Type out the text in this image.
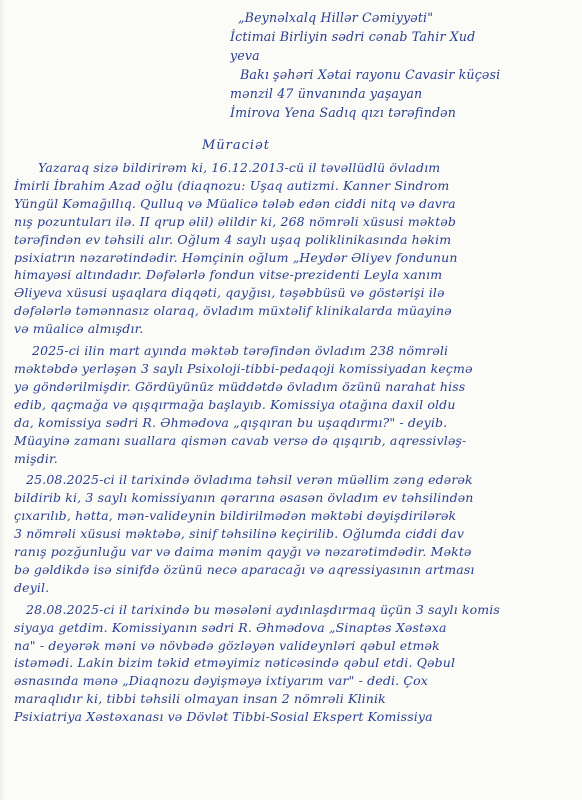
„Beynəlxalq Hillər Cəmiyyəti"
İctimai Birliyin sədri cənab Tahir Xud
yeva
Bakı şəhəri Xətai rayonu Cavasir küçəsi
mənzil 47 ünvanında yaşayan
İmirova Yena Sadıq qızı tərəfindən
Müraciət
Yazaraq sizə bildirirəm ki, 16.12.2013-cü il təvəllüdlü övladım
İmirli İbrahim Azad oğlu (diaqnozu: Uşaq autizmi. Kanner Sindrom
Yüngül Kəmağıllıq. Qulluq və Müalicə tələb edən ciddi nitq və davra
nış pozuntuları ilə. II qrup əlil) əlildir ki, 268 nömrəli xüsusi məktəb
tərəfindən ev təhsili alır. Oğlum 4 saylı uşaq poliklinikasında həkim
psixiatrın nəzarətindədir. Həmçinin oğlum „Heydər Əliyev fondunun
himayəsi altındadır. Dəfələrlə fondun vitse-prezidenti Leyla xanım
Əliyeva xüsusi uşaqlara diqqəti, qayğısı, təşəbbüsü və göstərişi ilə
dəfələrlə təmənnasız olaraq, övladım müxtəlif klinikalarda müayinə
və müalicə almışdır.
2025-ci ilin mart ayında məktəb tərəfindən övladım 238 nömrəli
məktəbdə yerləşən 3 saylı Psixoloji-tibbi-pedaqoji komissiyadan keçmə
yə göndərilmişdir. Gördüyünüz müddətdə övladım özünü narahat hiss
edib, qaçmağa və qışqırmağa başlayıb. Komissiya otağına daxil oldu
da, komissiya sədri R. Əhmədova „qışqıran bu uşaqdırmı?" - deyib.
Müayinə zamanı suallara qismən cavab versə də qışqırıb, aqressivləş-
mişdir.
25.08.2025-ci il tarixində övladıma təhsil verən müəllim zəng edərək
bildirib ki, 3 saylı komissiyanın qərarına əsasən övladım ev təhsilindən
çıxarılıb, hətta, mən-valideynin bildirilmədən məktəbi dəyişdirilərək
3 nömrəli xüsusi məktəbə, sinif təhsilinə keçirilib. Oğlumda ciddi dav
ranış pozğunluğu var və daima mənim qayğı və nəzarətimdədir. Məktə
bə gəldikdə isə sinifdə özünü necə aparacağı və aqressiyasının artması
deyil.
28.08.2025-ci il tarixində bu məsələni aydınlaşdırmaq üçün 3 saylı komis
siyaya getdim. Komissiyanın sədri R. Əhmədova „Sinaptəs Xəstəxa
na" - deyərək məni və növbədə gözləyən valideynləri qəbul etmək
istəmədi. Lakin bizim təkid etməyimiz nəticəsində qəbul etdi. Qəbul
əsnasında mənə „Diaqnozu dəyişməyə ixtiyarım var" - dedi. Çox
maraqlıdır ki, tibbi təhsili olmayan insan 2 nömrəli Klinik
Psixiatriya Xəstəxanası və Dövlət Tibbi-Sosial Ekspert Komissiya
